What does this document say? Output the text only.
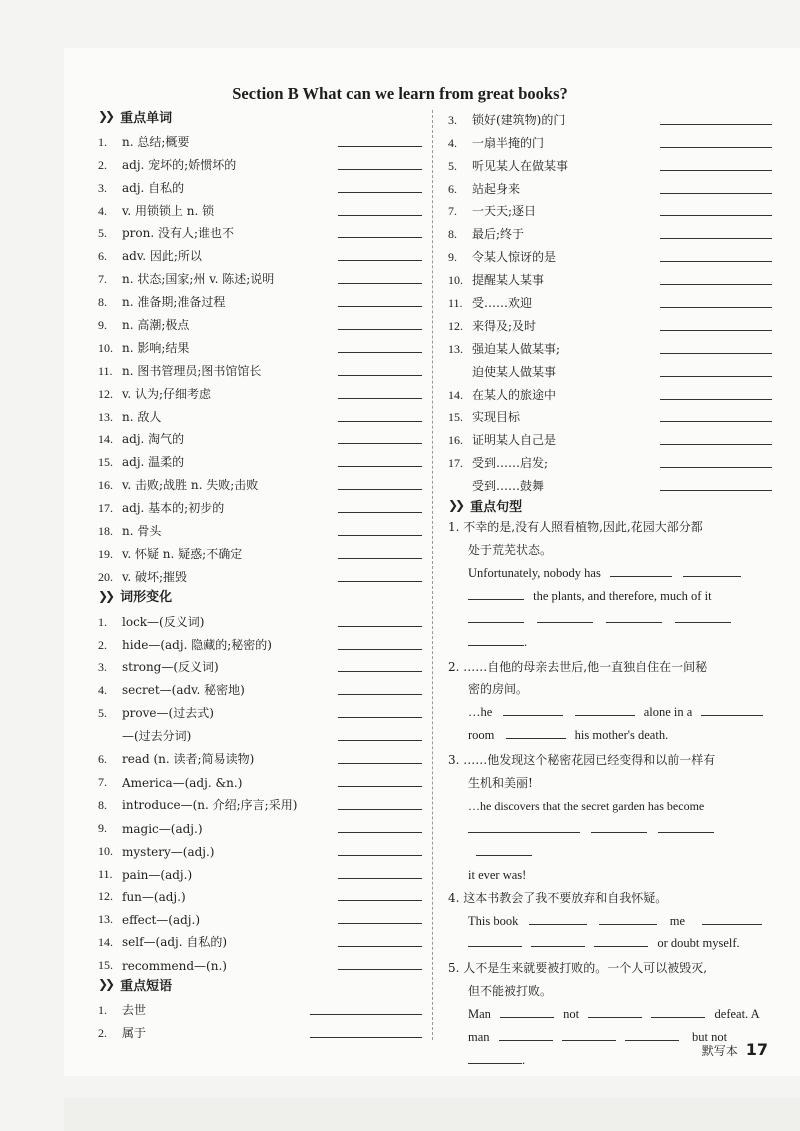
Section B What can we learn from great books?
❯❯ 重点单词
1.	n. 总结;概要
2.	adj. 宠坏的;娇惯坏的
3.	adj. 自私的
4.	v. 用锁锁上 n. 锁
5.	pron. 没有人;谁也不
6.	adv. 因此;所以
7.	n. 状态;国家;州 v. 陈述;说明
8.	n. 准备期;准备过程
9.	n. 高潮;极点
10. n. 影响;结果
11. n. 图书管理员;图书馆馆长
12. v. 认为;仔细考虑
13. n. 敌人
14. adj. 淘气的
15. adj. 温柔的
16. v. 击败;战胜 n. 失败;击败
17. adj. 基本的;初步的
18. n. 骨头
19. v. 怀疑 n. 疑惑;不确定
20. v. 破坏;摧毁
❯❯ 词形变化
1.	lock—(反义词)
2.	hide—(adj. 隐藏的;秘密的)
3.	strong—(反义词)
4.	secret—(adv. 秘密地)
5.	prove—(过去式)
—(过去分词)
6.	read (n. 读者;简易读物)
7.	America—(adj. &n.)
8.	introduce—(n. 介绍;序言;采用)
9.	magic—(adj.)
10. mystery—(adj.)
11. pain—(adj.)
12. fun—(adj.)
13. effect—(adj.)
14. self—(adj. 自私的)
15. recommend—(n.)
❯❯ 重点短语
1.	去世
2.	属于
3.	锁好(建筑物)的门
4.	一扇半掩的门
5.	听见某人在做某事
6.	站起身来
7.	一天天;逐日
8.	最后;终于
9.	令某人惊讶的是
10. 提醒某人某事
11. 受……欢迎
12. 来得及;及时
13. 强迫某人做某事;
迫使某人做某事
14. 在某人的旅途中
15. 实现目标
16. 证明某人自己是
17. 受到……启发;
受到……鼓舞
❯❯ 重点句型
1. 不幸的是,没有人照看植物,因此,花园大部分都
处于荒芜状态。
Unfortunately, nobody has
the plants, and therefore, much of it

.
2. ……自他的母亲去世后,他一直独自住在一间秘
密的房间。
…he	alone in a
room	his mother's death.
3. ……他发现这个秘密花园已经变得和以前一样有
生机和美丽!
…he discovers that the secret garden has become

it ever was!
4. 这本书教会了我不要放弃和自我怀疑。
This book	me
or doubt myself.
5. 人不是生来就要被打败的。一个人可以被毁灭,
但不能被打败。
Man	not	defeat. A
man	but not
.
默写本 17
